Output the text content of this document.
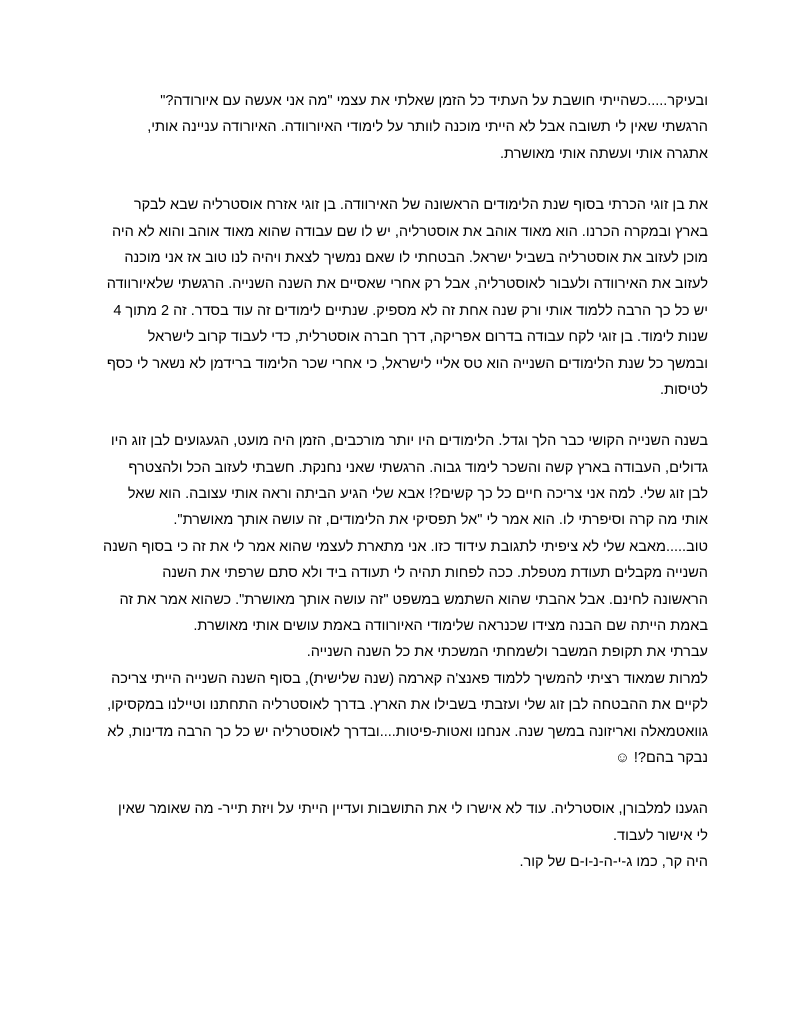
ובעיקר.....כשהייתי חושבת על העתיד כל הזמן שאלתי את עצמי "מה אני אעשה עם איורודה?"
הרגשתי שאין לי תשובה אבל לא הייתי מוכנה לוותר על לימודי האיורוודה. האיורודה עניינה אותי,
אתגרה אותי ועשתה אותי מאושרת.
את בן זוגי הכרתי בסוף שנת הלימודים הראשונה של האירוודה. בן זוגי אזרח אוסטרליה שבא לבקר
בארץ ובמקרה הכרנו. הוא מאוד אוהב את אוסטרליה, יש לו שם עבודה שהוא מאוד אוהב והוא לא היה
מוכן לעזוב את אוסטרליה בשביל ישראל. הבטחתי לו שאם נמשיך לצאת ויהיה לנו טוב אז אני מוכנה
לעזוב את האירוודה ולעבור לאוסטרליה, אבל רק אחרי שאסיים את השנה השנייה. הרגשתי שלאיורוודה
יש כל כך הרבה ללמוד אותי ורק שנה אחת זה לא מספיק. שנתיים לימודים זה עוד בסדר. זה 2 מתוך 4
שנות לימוד. בן זוגי לקח עבודה בדרום אפריקה, דרך חברה אוסטרלית, כדי לעבוד קרוב לישראל
ובמשך כל שנת הלימודים השנייה הוא טס אליי לישראל, כי אחרי שכר הלימוד ברידמן לא נשאר לי כסף
לטיסות.
בשנה השנייה הקושי כבר הלך וגדל. הלימודים היו יותר מורכבים, הזמן היה מועט, הגעגועים לבן זוג היו
גדולים, העבודה בארץ קשה והשכר לימוד גבוה. הרגשתי שאני נחנקת. חשבתי לעזוב הכל ולהצטרף
לבן זוג שלי. למה אני צריכה חיים כל כך קשים?! אבא שלי הגיע הביתה וראה אותי עצובה. הוא שאל
אותי מה קרה וסיפרתי לו. הוא אמר לי "אל תפסיקי את הלימודים, זה עושה אותך מאושרת".
טוב.....מאבא שלי לא ציפיתי לתגובת עידוד כזו. אני מתארת לעצמי שהוא אמר לי את זה כי בסוף השנה
השנייה מקבלים תעודת מטפלת. ככה לפחות תהיה לי תעודה ביד ולא סתם שרפתי את השנה
הראשונה לחינם. אבל אהבתי שהוא השתמש במשפט "זה עושה אותך מאושרת". כשהוא אמר את זה
באמת הייתה שם הבנה מצידו שכנראה שלימודי האיורוודה באמת עושים אותי מאושרת.
עברתי את תקופת המשבר ולשמחתי המשכתי את כל השנה השנייה.
למרות שמאוד רציתי להמשיך ללמוד פאנצ'ה קארמה (שנה שלישית), בסוף השנה השנייה הייתי צריכה
לקיים את ההבטחה לבן זוג שלי ועזבתי בשבילו את הארץ. בדרך לאוסטרליה התחתנו וטיילנו במקסיקו,
גוואטמאלה ואריזונה במשך שנה. אנחנו ואטות-פיטות....ובדרך לאוסטרליה יש כל כך הרבה מדינות, לא
נבקר בהם?! ☺
הגענו למלבורן, אוסטרליה. עוד לא אישרו לי את התושבות ועדיין הייתי על ויזת תייר- מה שאומר שאין
לי אישור לעבוד.
היה קר, כמו ג-י-ה-נ-ו-ם של קור.
